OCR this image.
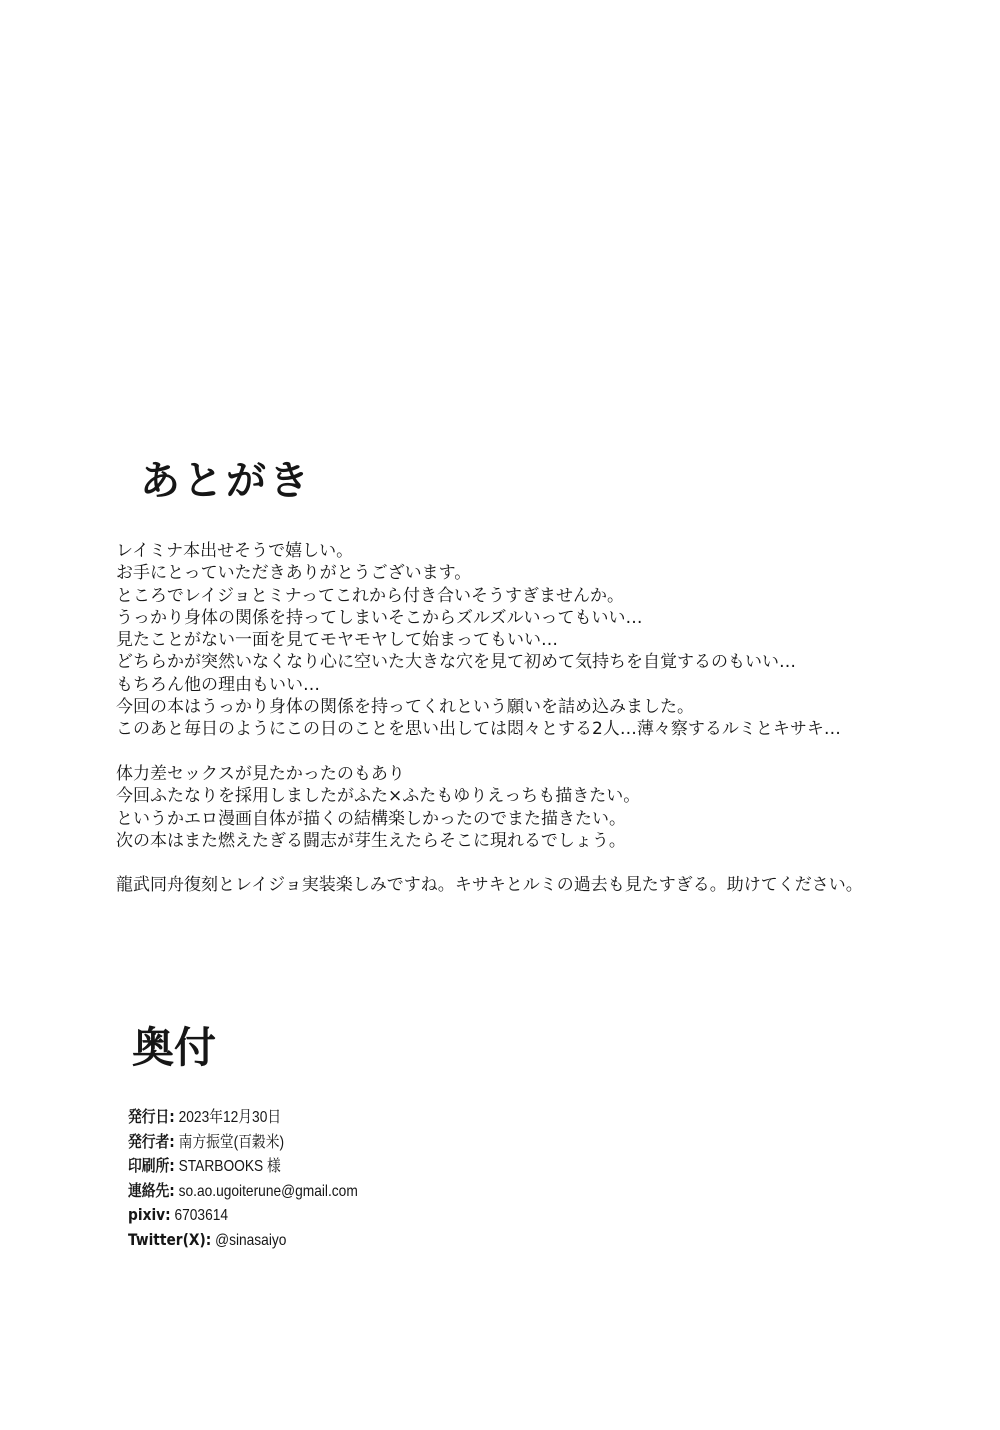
あとがき
レイミナ本出せそうで嬉しい。
お手にとっていただきありがとうございます。
ところでレイジョとミナってこれから付き合いそうすぎませんか。
うっかり身体の関係を持ってしまいそこからズルズルいってもいい…
見たことがない一面を見てモヤモヤして始まってもいい…
どちらかが突然いなくなり心に空いた大きな穴を見て初めて気持ちを自覚するのもいい…
もちろん他の理由もいい…
今回の本はうっかり身体の関係を持ってくれという願いを詰め込みました。
このあと毎日のようにこの日のことを思い出しては悶々とする2人…薄々察するルミとキサキ…
体力差セックスが見たかったのもあり
今回ふたなりを採用しましたがふた×ふたもゆりえっちも描きたい。
というかエロ漫画自体が描くの結構楽しかったのでまた描きたい。
次の本はまた燃えたぎる闘志が芽生えたらそこに現れるでしょう。
龍武同舟復刻とレイジョ実装楽しみですね。キサキとルミの過去も見たすぎる。助けてください。
奥付
発行日: 2023年12月30日
発行者: 南方振堂(百穀米)
印刷所: STARBOOKS 様
連絡先: so.ao.ugoiterune@gmail.com
pixiv: 6703614
Twitter(X): @sinasaiyo
